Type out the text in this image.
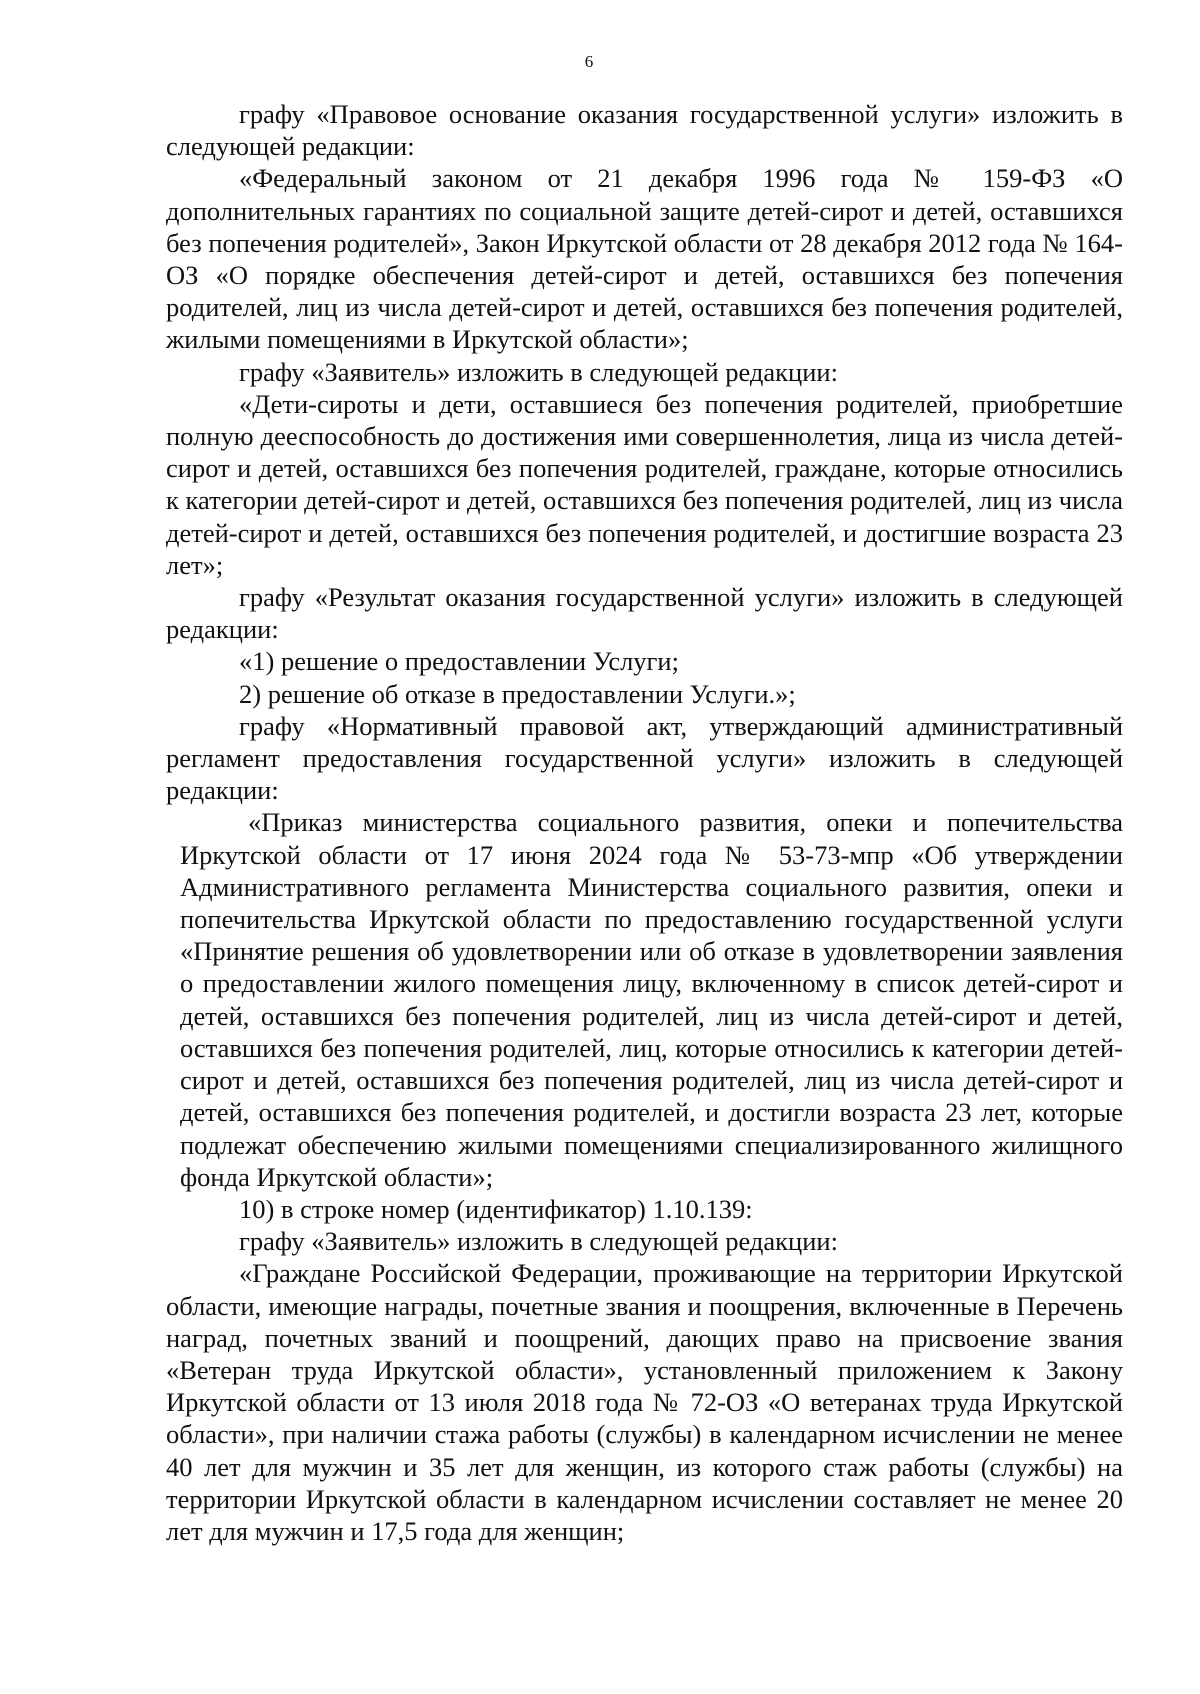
6

графу «Правовое основание оказания государственной услуги» изложить в следующей редакции:

«Федеральный законом от 21 декабря 1996 года № 159-ФЗ «О дополнительных гарантиях по социальной защите детей-сирот и детей, оставшихся без попечения родителей», Закон Иркутской области от 28 декабря 2012 года № 164-ОЗ «О порядке обеспечения детей-сирот и детей, оставшихся без попечения родителей, лиц из числа детей-сирот и детей, оставшихся без попечения родителей, жилыми помещениями в Иркутской области»;

графу «Заявитель» изложить в следующей редакции:

«Дети-сироты и дети, оставшиеся без попечения родителей, приобретшие полную дееспособность до достижения ими совершеннолетия, лица из числа детей-сирот и детей, оставшихся без попечения родителей, граждане, которые относились к категории детей-сирот и детей, оставшихся без попечения родителей, лиц из числа детей-сирот и детей, оставшихся без попечения родителей, и достигшие возраста 23 лет»;

графу «Результат оказания государственной услуги» изложить в следующей редакции:

«1) решение о предоставлении Услуги;

2) решение об отказе в предоставлении Услуги.»;

графу «Нормативный правовой акт, утверждающий административный регламент предоставления государственной услуги» изложить в следующей редакции:

«Приказ министерства социального развития, опеки и попечительства Иркутской области от 17 июня 2024 года № 53-73-мпр «Об утверждении Административного регламента Министерства социального развития, опеки и попечительства Иркутской области по предоставлению государственной услуги «Принятие решения об удовлетворении или об отказе в удовлетворении заявления о предоставлении жилого помещения лицу, включенному в список детей-сирот и детей, оставшихся без попечения родителей, лиц из числа детей-сирот и детей, оставшихся без попечения родителей, лиц, которые относились к категории детей-сирот и детей, оставшихся без попечения родителей, лиц из числа детей-сирот и детей, оставшихся без попечения родителей, и достигли возраста 23 лет, которые подлежат обеспечению жилыми помещениями специализированного жилищного фонда Иркутской области»;

10) в строке номер (идентификатор) 1.10.139:

графу «Заявитель» изложить в следующей редакции:

«Граждане Российской Федерации, проживающие на территории Иркутской области, имеющие награды, почетные звания и поощрения, включенные в Перечень наград, почетных званий и поощрений, дающих право на присвоение звания «Ветеран труда Иркутской области», установленный приложением к Закону Иркутской области от 13 июля 2018 года № 72-ОЗ «О ветеранах труда Иркутской области», при наличии стажа работы (службы) в календарном исчислении не менее 40 лет для мужчин и 35 лет для женщин, из которого стаж работы (службы) на территории Иркутской области в календарном исчислении составляет не менее 20 лет для мужчин и 17,5 года для женщин;
